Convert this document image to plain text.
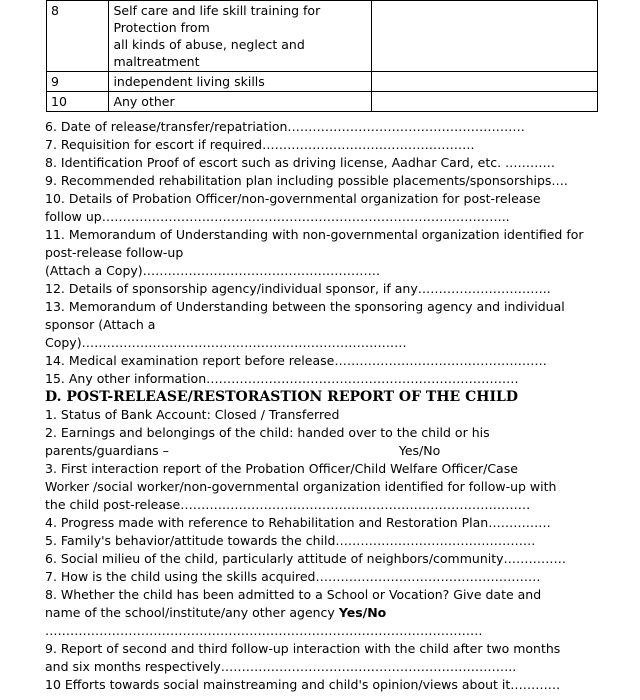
8	Self care and life skill training for
Protection from
all kinds of abuse, neglect and
maltreatment	

9	independent living skills	

10	Any other	

6. Date of release/transfer/repatriation…………………………………………………
7. Requisition for escort if required……………………………………………
8. Identification Proof of escort such as driving license, Aadhar Card, etc. …………
9. Recommended rehabilitation plan including possible placements/sponsorships….
10. Details of Probation Officer/non-governmental organization for post-release
follow up……………………………………………………………………………………..
11. Memorandum of Understanding with non-governmental organization identified for
post-release follow-up
(Attach a Copy)…………………………………………………
12. Details of sponsorship agency/individual sponsor, if any…………………………..
13. Memorandum of Understanding between the sponsoring agency and individual
sponsor (Attach a
Copy)……………………………………………………………………
14. Medical examination report before release……………………………………………
15. Any other information…………………………………………………………………
D. POST-RELEASE/RESTORASTION REPORT OF THE CHILD
1. Status of Bank Account: Closed / Transferred
2. Earnings and belongings of the child: handed over to the child or his
parents/guardians –	Yes/No
3. First interaction report of the Probation Officer/Child Welfare Officer/Case
Worker /social worker/non-governmental organization identified for follow-up with
the child post-release…………………………………………………………………………
4. Progress made with reference to Rehabilitation and Restoration Plan……………
5. Family's behavior/attitude towards the child…………………………………………
6. Social milieu of the child, particularly attitude of neighbors/community……………
7. How is the child using the skills acquired………………………………………………
8. Whether the child has been admitted to a School or Vocation? Give date and
name of the school/institute/any other agency Yes/No
……………………………………………………………………………………………
9. Report of second and third follow-up interaction with the child after two months
and six months respectively……………………………………………………………..
10 Efforts towards social mainstreaming and child's opinion/views about it…………
